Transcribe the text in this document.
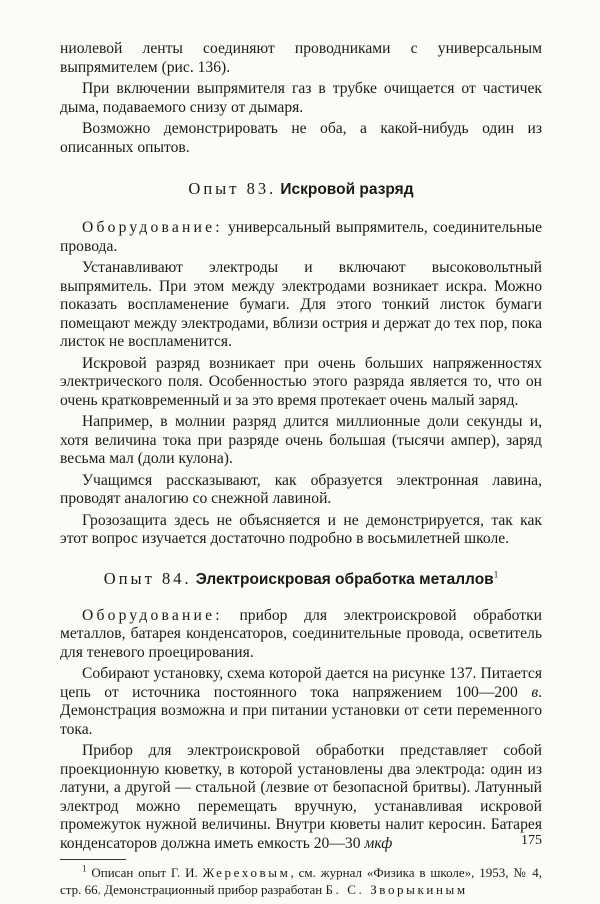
ниолевой ленты соединяют проводниками с универсальным выпрямителем (рис. 136).

При включении выпрямителя газ в трубке очищается от частичек дыма, подаваемого снизу от дымаря.

Возможно демонстрировать не оба, а какой-нибудь один из описанных опытов.

Опыт 83. Искровой разряд

Оборудование: универсальный выпрямитель, соединительные провода.

Устанавливают электроды и включают высоковольтный выпрямитель. При этом между электродами возникает искра. Можно показать воспламенение бумаги. Для этого тонкий листок бумаги помещают между электродами, вблизи острия и держат до тех пор, пока листок не воспламенится.

Искровой разряд возникает при очень больших напряженностях электрического поля. Особенностью этого разряда является то, что он очень кратковременный и за это время протекает очень малый заряд.

Например, в молнии разряд длится миллионные доли секунды и, хотя величина тока при разряде очень большая (тысячи ампер), заряд весьма мал (доли кулона).

Учащимся рассказывают, как образуется электронная лавина, проводят аналогию со снежной лавиной.

Грозозащита здесь не объясняется и не демонстрируется, так как этот вопрос изучается достаточно подробно в восьмилетней школе.

Опыт 84. Электроискровая обработка металлов$^1$

Оборудование: прибор для электроискровой обработки металлов, батарея конденсаторов, соединительные провода, осветитель для теневого проецирования.

Собирают установку, схема которой дается на рисунке 137. Питается цепь от источника постоянного тока напряжением 100—200 в. Демонстрация возможна и при питании установки от сети переменного тока.

Прибор для электроискровой обработки представляет собой проекционную кюветку, в которой установлены два электрода: один из латуни, а другой — стальной (лезвие от безопасной бритвы). Латунный электрод можно перемещать вручную, устанавливая искровой промежуток нужной величины. Внутри кюветы налит керосин. Батарея конденсаторов должна иметь емкость 20—30 мкф

$^1$ Описан опыт Г. И. Жереховым, см. журнал «Физика в школе», 1953, № 4, стр. 66. Демонстрационный прибор разработан Б. С. Зворыкиным

175
